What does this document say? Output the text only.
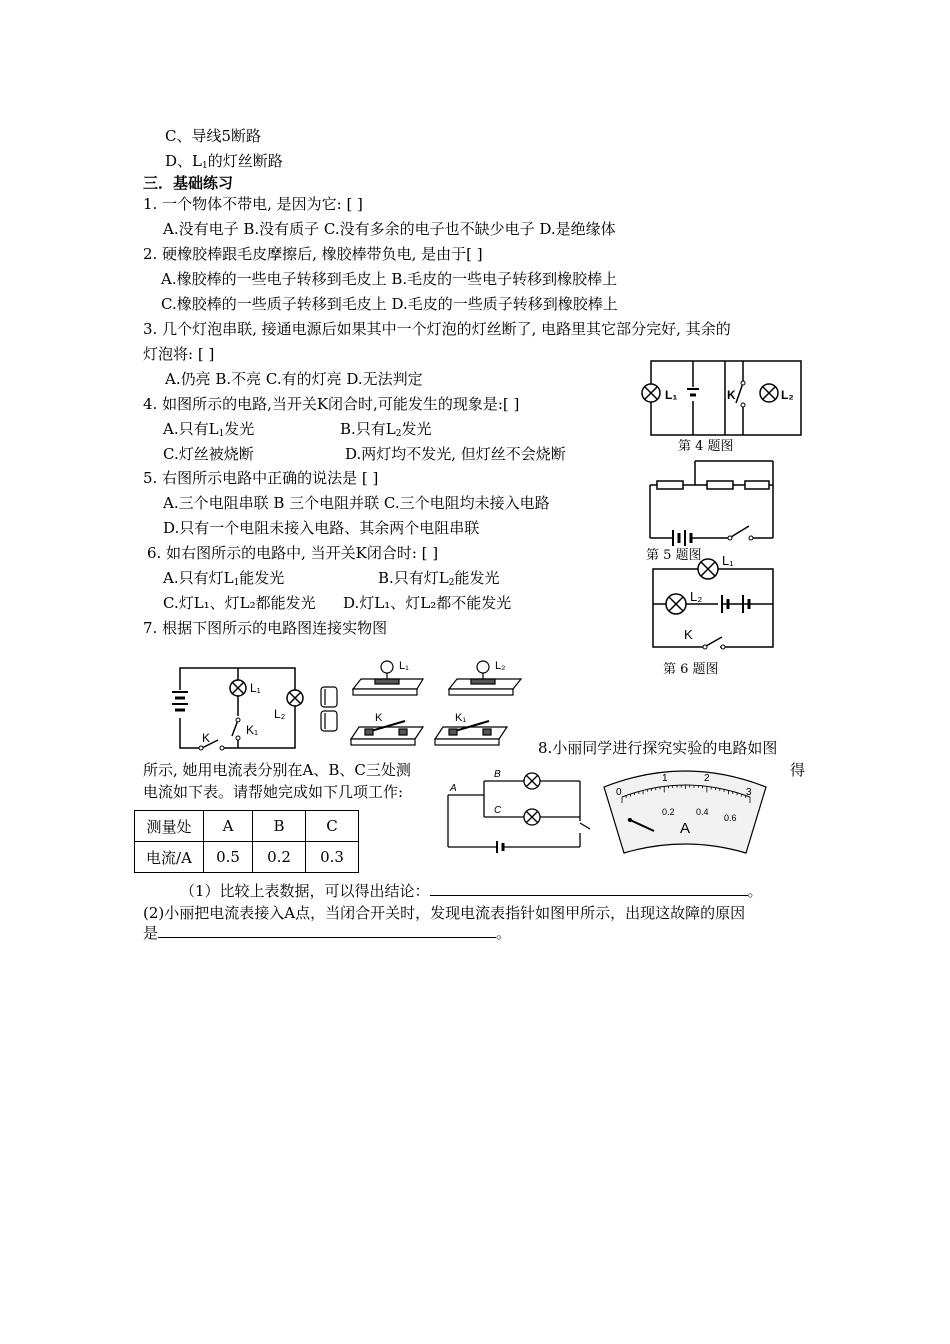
C、导线5断路
D、$L_1$的灯丝断路
三．基础练习
1. 一个物体不带电, 是因为它: [ ]
A.没有电子 B.没有质子 C.没有多余的电子也不缺少电子 D.是绝缘体
2. 硬橡胶棒跟毛皮摩擦后, 橡胶棒带负电, 是由于[ ]
A.橡胶棒的一些电子转移到毛皮上 B.毛皮的一些电子转移到橡胶棒上
C.橡胶棒的一些质子转移到毛皮上 D.毛皮的一些质子转移到橡胶棒上
3. 几个灯泡串联, 接通电源后如果其中一个灯泡的灯丝断了, 电路里其它部分完好, 其余的
灯泡将: [ ]
A.仍亮 B.不亮 C.有的灯亮 D.无法判定
4. 如图所示的电路,当开关K闭合时,可能发生的现象是:[ ]
A.只有$L_1$发光	B.只有$L_2$发光
C.灯丝被烧断	D.两灯均不发光, 但灯丝不会烧断
5. 右图所示电路中正确的说法是 [ ]
A.三个电阻串联 B 三个电阻并联 C.三个电阻均未接入电路
D.只有一个电阻未接入电路、其余两个电阻串联
6. 如右图所示的电路中, 当开关K闭合时: [ ]
A.只有灯$L_1$能发光	B.只有灯$L_2$能发光
C.灯L₁、灯L₂都能发光 D.灯L₁、灯L₂都不能发光
7. 根据下图所示的电路图连接实物图
8.小丽同学进行探究实验的电路如图
得
所示, 她用电流表分别在A、B、C三处测
电流如下表。请帮她完成如下几项工作:
（1）比较上表数据，可以得出结论：	。
(2)小丽把电流表接入A点，当闭合开关时，发现电流表指针如图甲所示，出现这故障的原因
是	。
测量处	A	B	C
电流/A	0.5	0.2	0.3
L₁	K	L₂
第 4 题图
第 5 题图 L₁
L₂
K
第 6 题图
L₁
L₂
K₁
K
L₁	L₂
K	K₁
A
B
C
0
1	2
3
0.2 0.4
0.6
A
